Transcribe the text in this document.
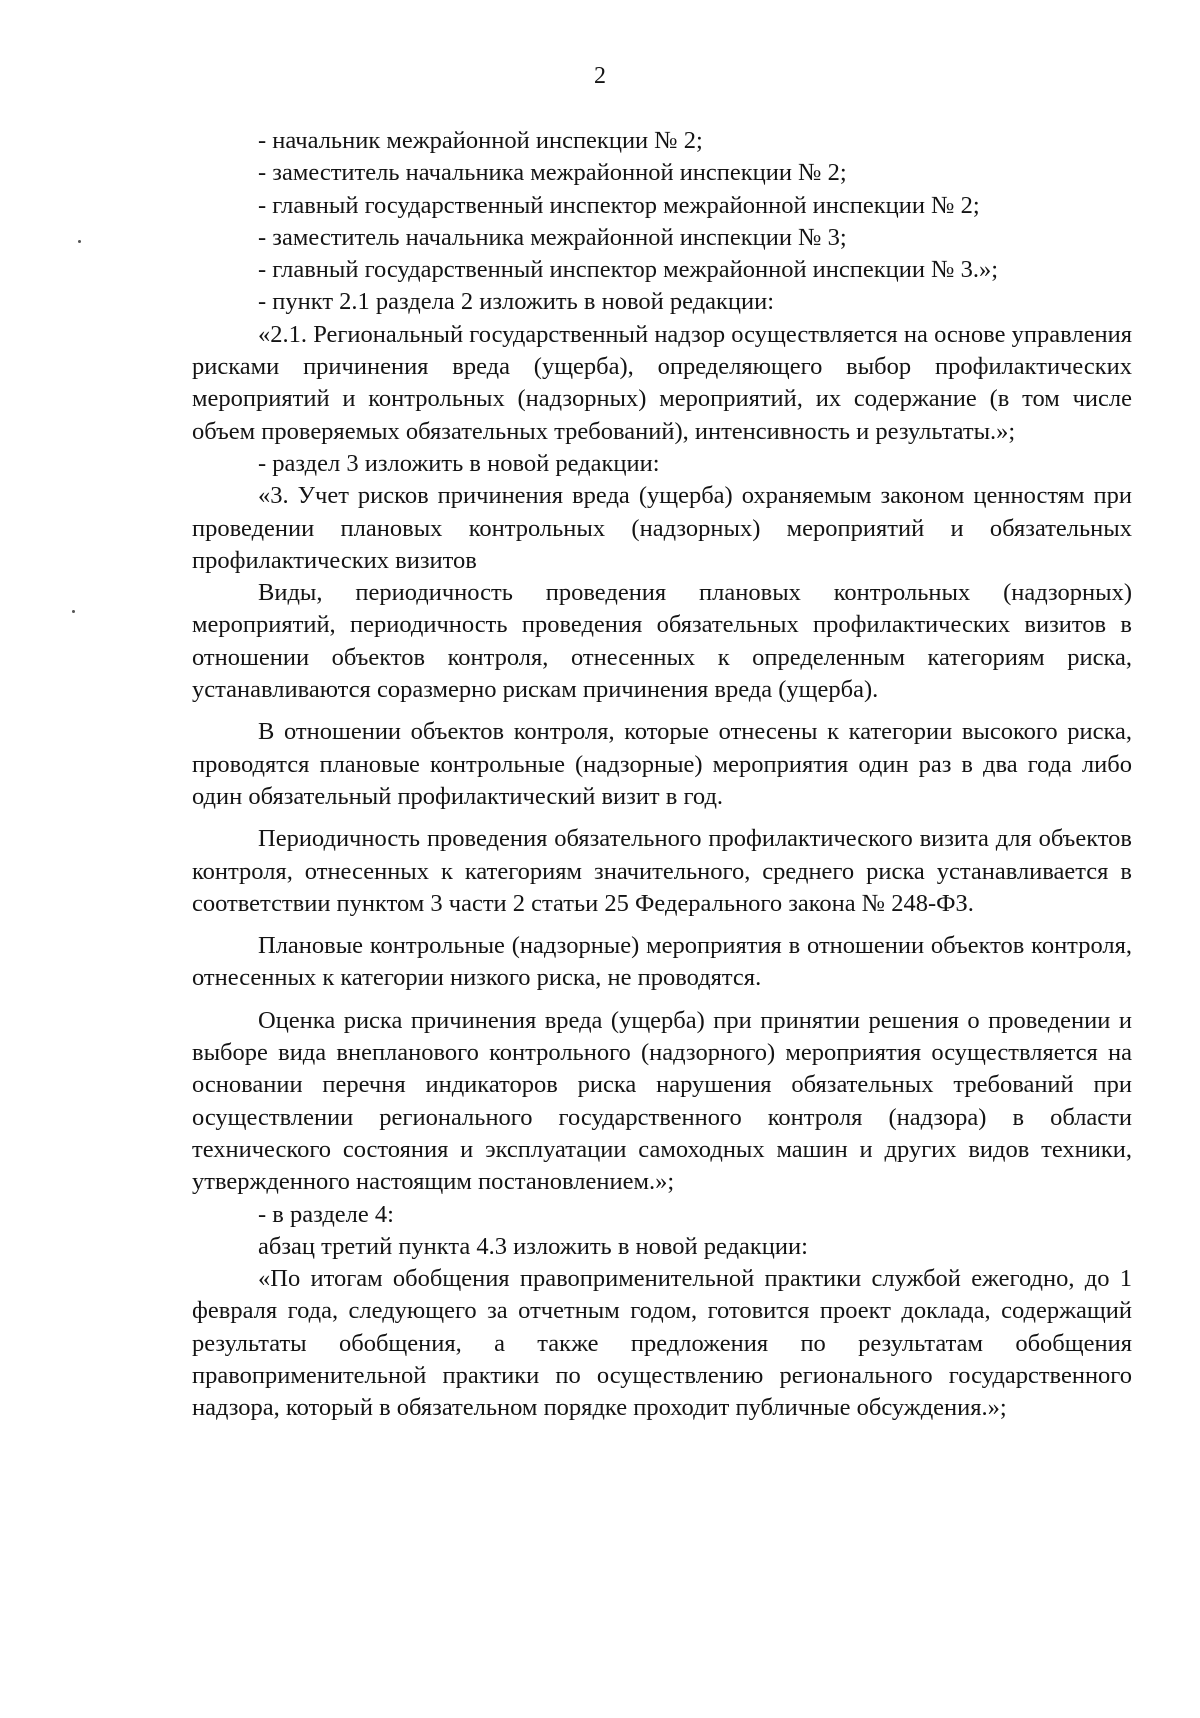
2

- начальник межрайонной инспекции № 2;

- заместитель начальника межрайонной инспекции № 2;

- главный государственный инспектор межрайонной инспекции № 2;

- заместитель начальника межрайонной инспекции № 3;

- главный государственный инспектор межрайонной инспекции № 3.»;

- пункт 2.1 раздела 2 изложить в новой редакции:

«2.1. Региональный государственный надзор осуществляется на основе управления рисками причинения вреда (ущерба), определяющего выбор профилактических мероприятий и контрольных (надзорных) мероприятий, их содержание (в том числе объем проверяемых обязательных требований), интенсивность и результаты.»;

- раздел 3 изложить в новой редакции:

«3. Учет рисков причинения вреда (ущерба) охраняемым законом ценностям при проведении плановых контрольных (надзорных) мероприятий и обязательных профилактических визитов

Виды, периодичность проведения плановых контрольных (надзорных) мероприятий, периодичность проведения обязательных профилактических визитов в отношении объектов контроля, отнесенных к определенным категориям риска, устанавливаются соразмерно рискам причинения вреда (ущерба).

В отношении объектов контроля, которые отнесены к категории высокого риска, проводятся плановые контрольные (надзорные) мероприятия один раз в два года либо один обязательный профилактический визит в год.

Периодичность проведения обязательного профилактического визита для объектов контроля, отнесенных к категориям значительного, среднего риска устанавливается в соответствии пунктом 3 части 2 статьи 25 Федерального закона № 248-ФЗ.

Плановые контрольные (надзорные) мероприятия в отношении объектов контроля, отнесенных к категории низкого риска, не проводятся.

Оценка риска причинения вреда (ущерба) при принятии решения о проведении и выборе вида внепланового контрольного (надзорного) мероприятия осуществляется на основании перечня индикаторов риска нарушения обязательных требований при осуществлении регионального государственного контроля (надзора) в области технического состояния и эксплуатации самоходных машин и других видов техники, утвержденного настоящим постановлением.»;

- в разделе 4:

абзац третий пункта 4.3 изложить в новой редакции:

«По итогам обобщения правоприменительной практики службой ежегодно, до 1 февраля года, следующего за отчетным годом, готовится проект доклада, содержащий результаты обобщения, а также предложения по результатам обобщения правоприменительной практики по осуществлению регионального государственного надзора, который в обязательном порядке проходит публичные обсуждения.»;
